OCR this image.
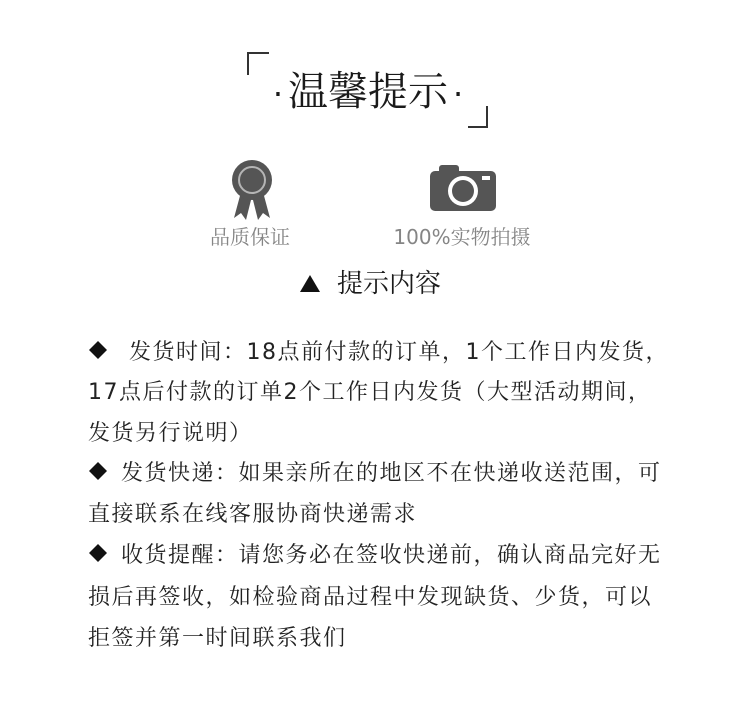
· 温馨提示 ·
品质保证	100%实物拍摄
提示内容
发货时间： 18点前付款的订单，1个工作日内发货，
17点后付款的订单2个工作日内发货（大型活动期间，
发货另行说明）
发货快递： 如果亲所在的地区不在快递收送范围，可
直接联系在线客服协商快递需求
收货提醒： 请您务必在签收快递前，确认商品完好无
损后再签收，如检验商品过程中发现缺货、少货，可以
拒签并第一时间联系我们
